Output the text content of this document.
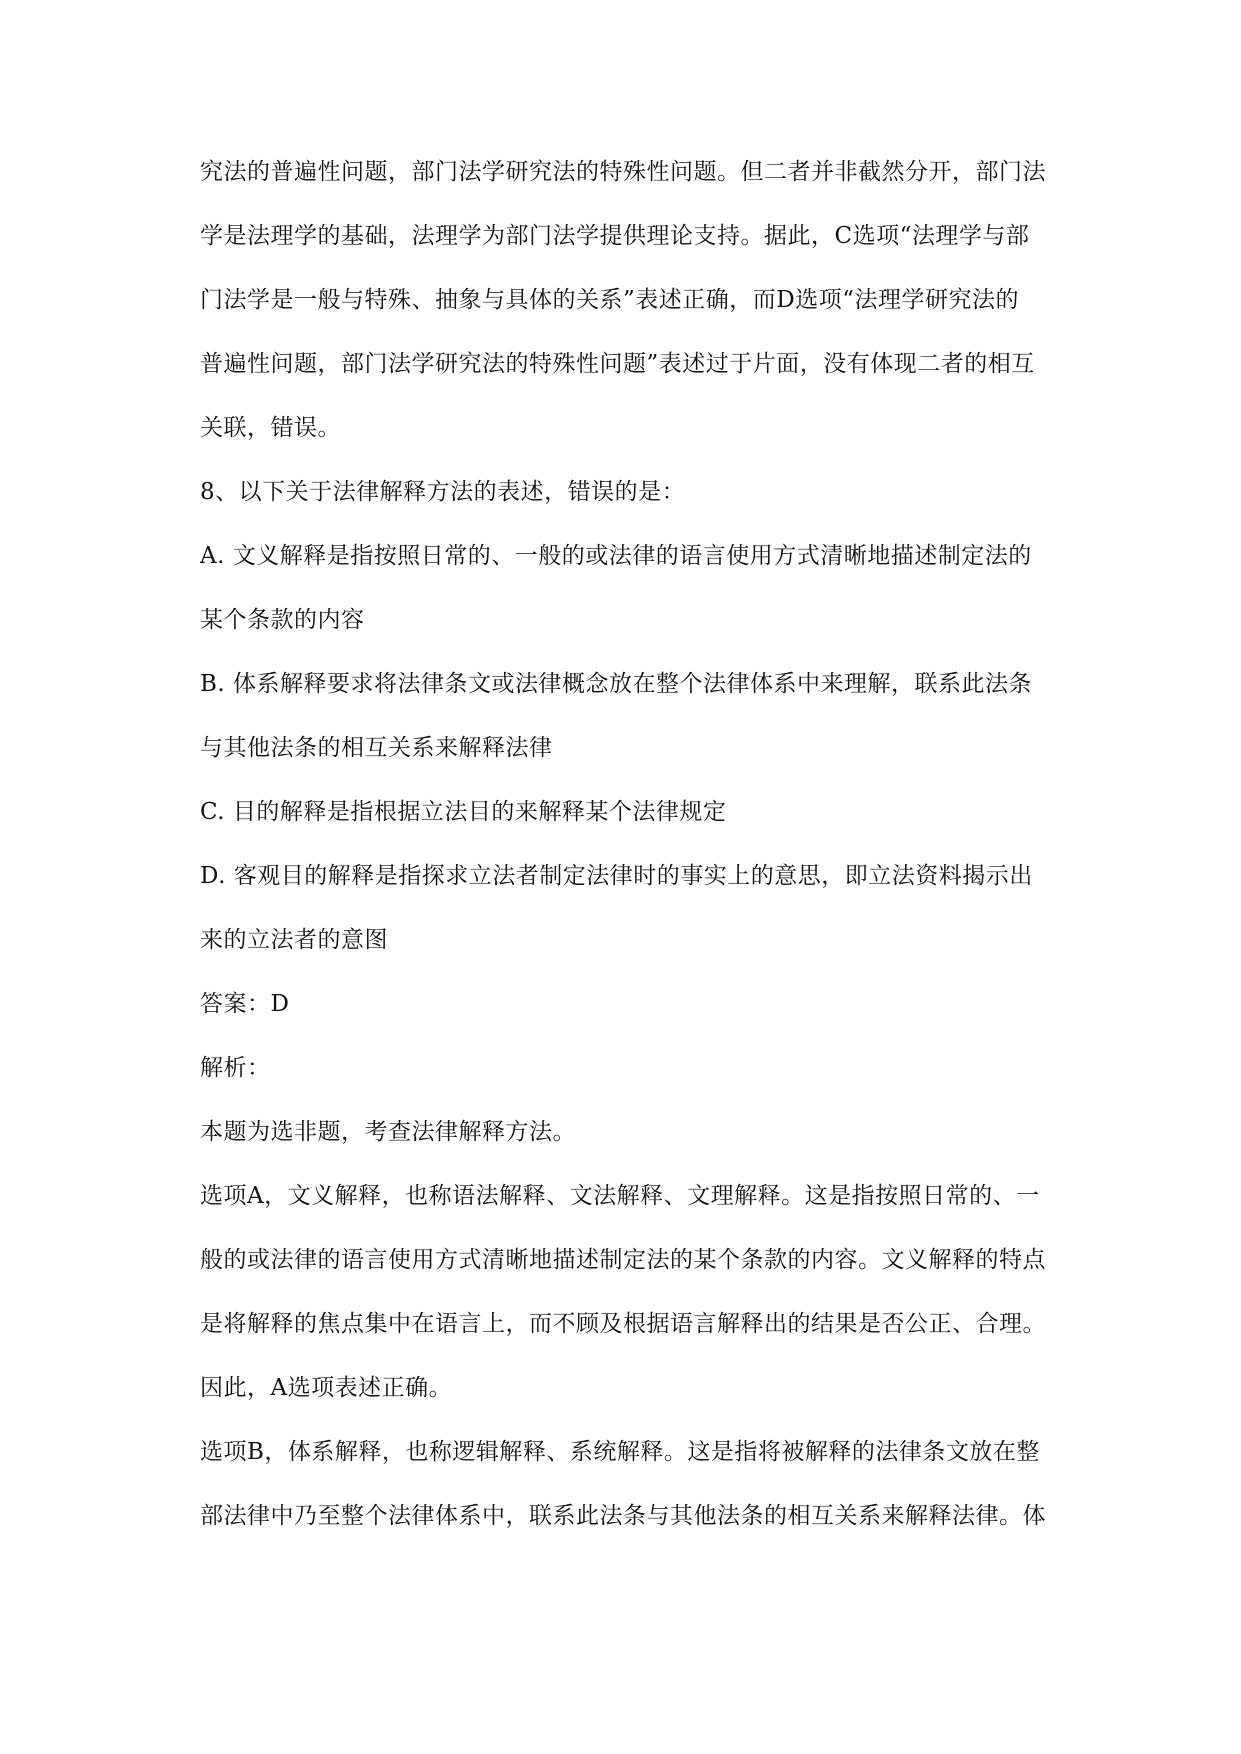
究法的普遍性问题，部门法学研究法的特殊性问题。但二者并非截然分开，部门法
学是法理学的基础，法理学为部门法学提供理论支持。据此，C选项“法理学与部
门法学是一般与特殊、抽象与具体的关系”表述正确，而D选项“法理学研究法的
普遍性问题，部门法学研究法的特殊性问题”表述过于片面，没有体现二者的相互
关联，错误。
8、以下关于法律解释方法的表述，错误的是：
A. 文义解释是指按照日常的、一般的或法律的语言使用方式清晰地描述制定法的
某个条款的内容
B. 体系解释要求将法律条文或法律概念放在整个法律体系中来理解，联系此法条
与其他法条的相互关系来解释法律
C. 目的解释是指根据立法目的来解释某个法律规定
D. 客观目的解释是指探求立法者制定法律时的事实上的意思，即立法资料揭示出
来的立法者的意图
答案：D
解析：
本题为选非题，考查法律解释方法。
选项A，文义解释，也称语法解释、文法解释、文理解释。这是指按照日常的、一
般的或法律的语言使用方式清晰地描述制定法的某个条款的内容。文义解释的特点
是将解释的焦点集中在语言上，而不顾及根据语言解释出的结果是否公正、合理。
因此，A选项表述正确。
选项B，体系解释，也称逻辑解释、系统解释。这是指将被解释的法律条文放在整
部法律中乃至整个法律体系中，联系此法条与其他法条的相互关系来解释法律。体
